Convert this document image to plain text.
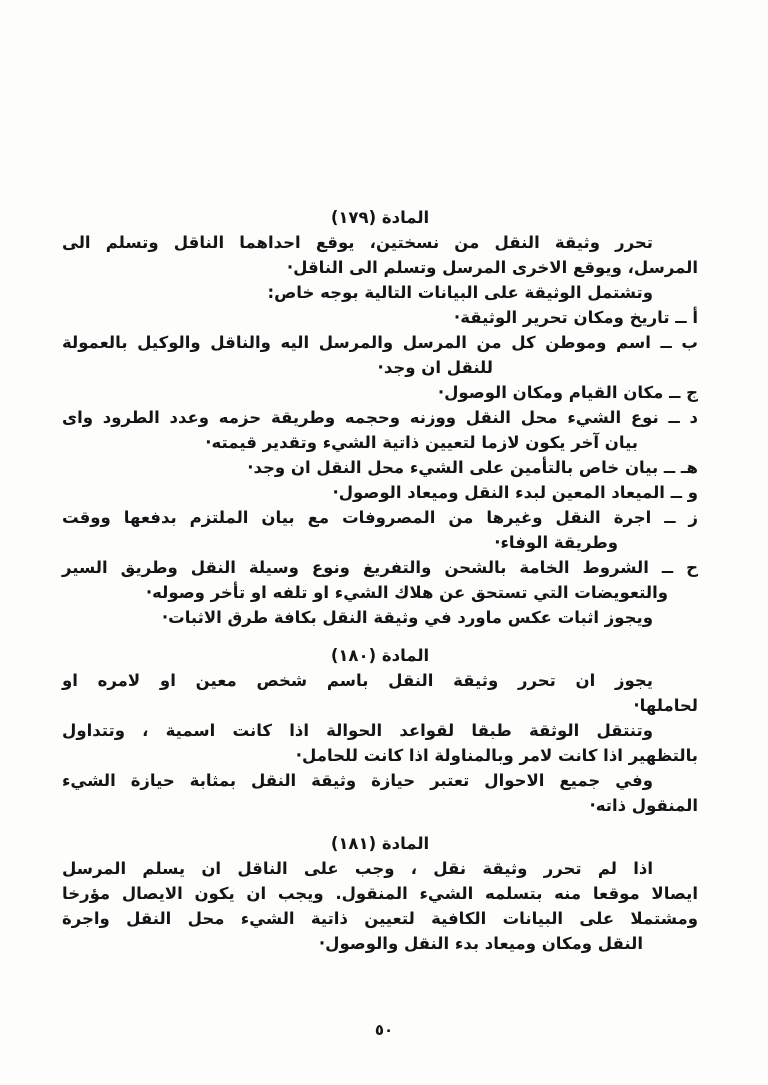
المادة (١٧٩)
تحرر وثيقة النقل من نسختين، يوقع احداهما الناقل وتسلم الى
المرسل، ويوقع الاخرى المرسل وتسلم الى الناقل·
وتشتمل الوثيقة على البيانات التالية بوجه خاص:
أ ــ تاريخ ومكان تحرير الوثيقة·
ب ــ اسم وموطن كل من المرسل والمرسل اليه والناقل والوكيل بالعمولة
للنقل ان وجد·
ج ــ مكان القيام ومكان الوصول·
د ــ نوع الشيء محل النقل ووزنه وحجمه وطريقة حزمه وعدد الطرود واى
بيان آخر يكون لازما لتعيين ذاتية الشيء وتقدير قيمته·
هـ ــ بيان خاص بالتأمين على الشيء محل النقل ان وجد·
و ــ الميعاد المعين لبدء النقل وميعاد الوصول·
ز ــ اجرة النقل وغيرها من المصروفات مع بيان الملتزم بدفعها ووقت
وطريقة الوفاء·
ح ــ الشروط الخامة بالشحن والتفريغ ونوع وسيلة النقل وطريق السير
والتعويضات التي تستحق عن هلاك الشيء او تلفه او تأخر وصوله·
ويجوز اثبات عكس ماورد في وثيقة النقل بكافة طرق الاثبات·
المادة (١٨٠)
يجوز ان تحرر وثيقة النقل باسم شخص معين او لامره او
لحاملها·
وتنتقل الوثقة طبقا لقواعد الحوالة اذا كانت اسمية ، وتتداول
بالتظهير اذا كانت لامر وبالمناولة اذا كانت للحامل·
وفي جميع الاحوال تعتبر حيازة وثيقة النقل بمثابة حيازة الشيء
المنقول ذاته·
المادة (١٨١)
اذا لم تحرر وثيقة نقل ، وجب على الناقل ان يسلم المرسل
ايصالا موقعا منه بتسلمه الشيء المنقول. ويجب ان يكون الايصال مؤرخا
ومشتملا على البيانات الكافية لتعيين ذاتية الشيء محل النقل واجرة
النقل ومكان وميعاد بدء النقل والوصول·
٥٠
